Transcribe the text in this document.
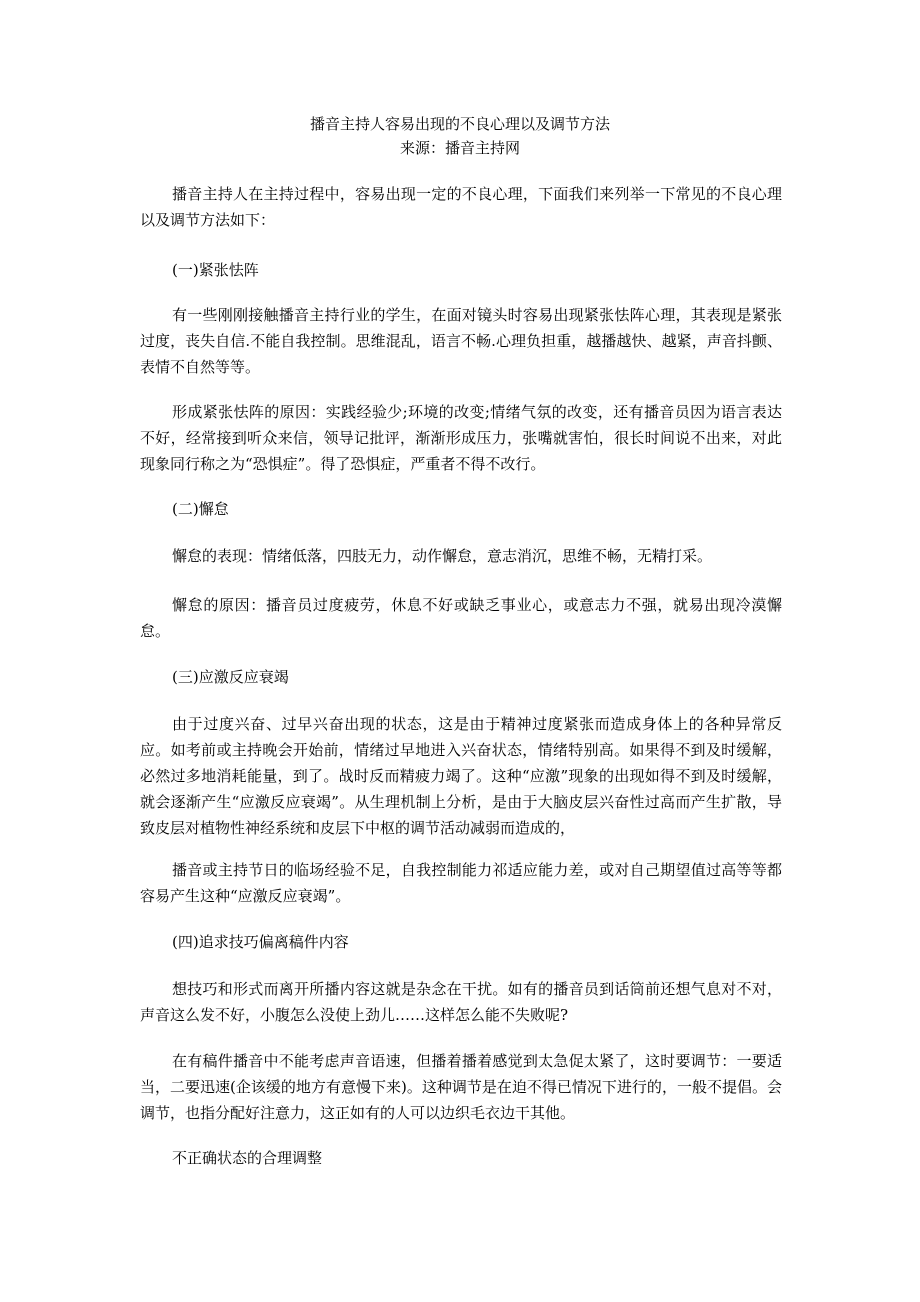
播音主持人容易出现的不良心理以及调节方法
来源：播音主持网

播音主持人在主持过程中，容易出现一定的不良心理，下面我们来列举一下常见的不良心理以及调节方法如下：

(一)紧张怯阵

有一些刚刚接触播音主持行业的学生，在面对镜头时容易出现紧张怯阵心理，其表现是紧张过度，丧失自信.不能自我控制。思维混乱，语言不畅.心理负担重，越播越快、越紧，声音抖颤、表情不自然等等。

形成紧张怯阵的原因：实践经验少;环境的改变;情绪气氛的改变，还有播音员因为语言表达不好，经常接到听众来信，领导记批评，渐渐形成压力，张嘴就害怕，很长时间说不出来，对此现象同行称之为“恐惧症”。得了恐惧症，严重者不得不改行。

(二)懈怠

懈怠的表现：情绪低落，四肢无力，动作懈怠，意志消沉，思维不畅，无精打采。

懈怠的原因：播音员过度疲劳，休息不好或缺乏事业心，或意志力不强，就易出现冷漠懈怠。

(三)应激反应衰竭

由于过度兴奋、过早兴奋出现的状态，这是由于精神过度紧张而造成身体上的各种异常反应。如考前或主持晚会开始前，情绪过早地进入兴奋状态，情绪特别高。如果得不到及时缓解，必然过多地消耗能量，到了。战时反而精疲力竭了。这种“应激”现象的出现如得不到及时缓解，就会逐渐产生“应激反应衰竭”。从生理机制上分析，是由于大脑皮层兴奋性过高而产生扩散，导致皮层对植物性神经系统和皮层下中枢的调节活动减弱而造成的，

播音或主持节日的临场经验不足，自我控制能力祁适应能力差，或对自己期望值过高等等都容易产生这种“应激反应衰竭”。

(四)追求技巧偏离稿件内容

想技巧和形式而离开所播内容这就是杂念在干扰。如有的播音员到话筒前还想气息对不对，声音这么发不好，小腹怎么没使上劲儿……这样怎么能不失败呢?

在有稿件播音中不能考虑声音语速，但播着播着感觉到太急促太紧了，这时要调节：一要适当，二要迅速(企该缓的地方有意慢下来)。这种调节是在迫不得已情况下进行的，一般不提倡。会调节，也指分配好注意力，这正如有的人可以边织毛衣边干其他。

不正确状态的合理调整
